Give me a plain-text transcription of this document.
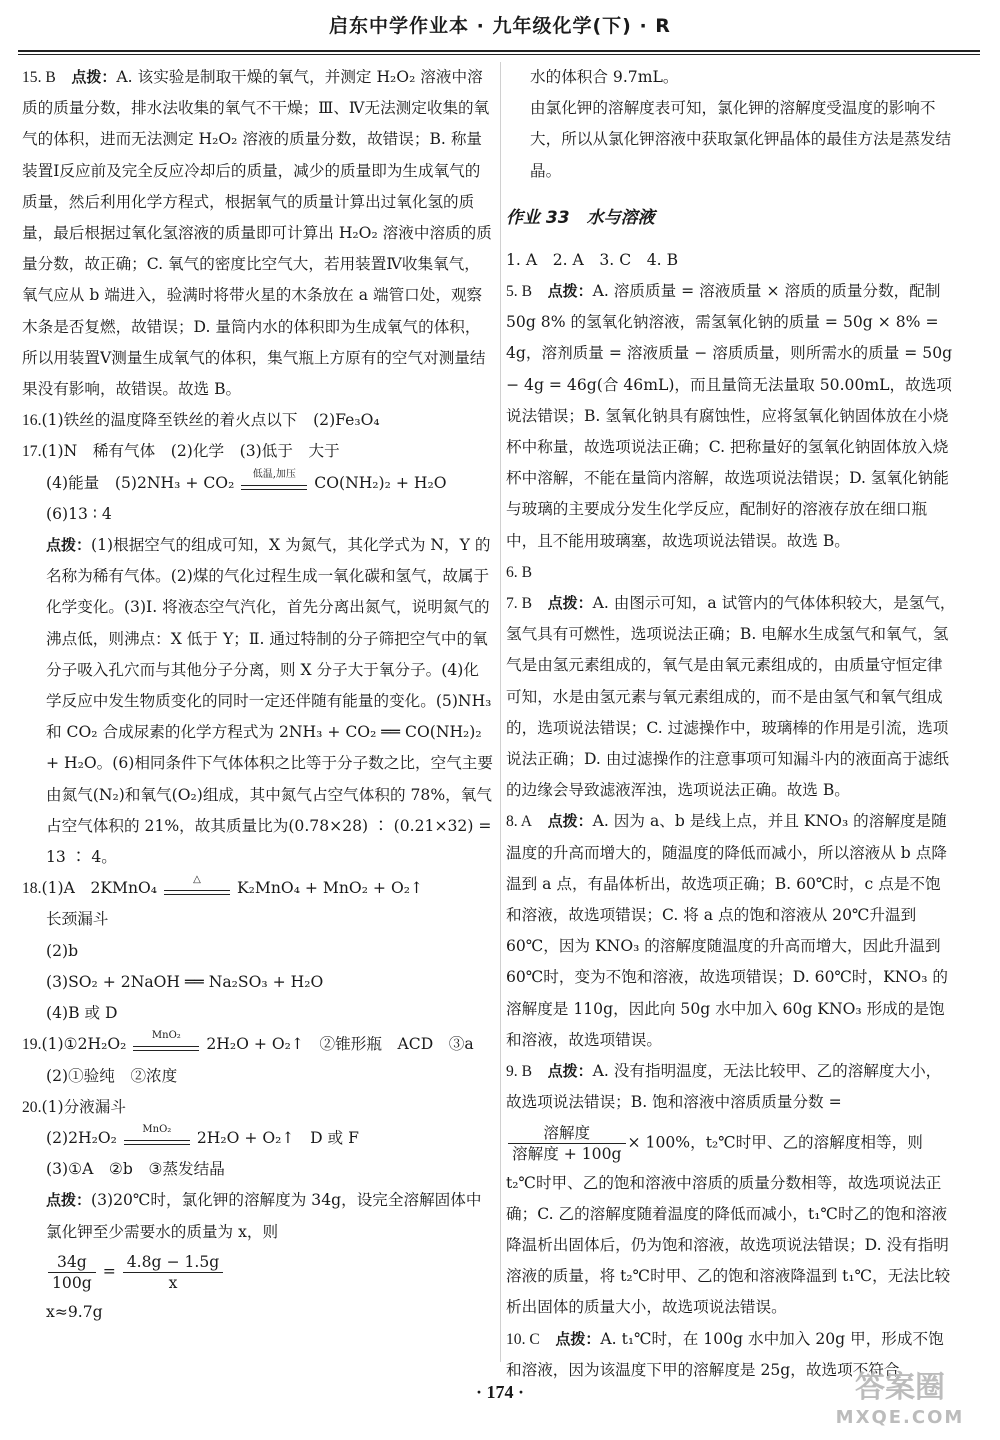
启东中学作业本 · 九年级化学(下) · R

15. B　 点拨：A. 该实验是制取干燥的氧气，并测定 H₂O₂ 溶液中溶质的质量分数，排水法收集的氧气不干燥；Ⅲ、Ⅳ无法测定收集的氧气的体积，进而无法测定 H₂O₂ 溶液的质量分数，故错误；B. 称量装置Ⅰ反应前及完全反应冷却后的质量，减少的质量即为生成氧气的质量，然后利用化学方程式，根据氧气的质量计算出过氧化氢的质量，最后根据过氧化氢溶液的质量即可计算出 H₂O₂ 溶液中溶质的质量分数，故正确；C. 氧气的密度比空气大，若用装置Ⅳ收集氧气，氧气应从 b 端进入，验满时将带火星的木条放在 a 端管口处，观察木条是否复燃，故错误；D. 量筒内水的体积即为生成氧气的体积，所以用装置Ⅴ测量生成氧气的体积，集气瓶上方原有的空气对测量结果没有影响，故错误。故选 B。

16.(1)铁丝的温度降至铁丝的着火点以下　(2)Fe₃O₄

17.(1)N　稀有气体　(2)化学　(3)低于　大于
(4)能量　(5)2NH₃ + CO₂	低温,加压	CO(NH₂)₂ + H₂O
(6)13 ∶ 4
点拨：(1)根据空气的组成可知，X 为氮气，其化学式为 N，Y 的名称为稀有气体。(2)煤的气化过程生成一氧化碳和氢气，故属于化学变化。(3)Ⅰ. 将液态空气汽化，首先分离出氮气，说明氮气的沸点低，则沸点：X 低于 Y；Ⅱ. 通过特制的分子筛把空气中的氧分子吸入孔穴而与其他分子分离，则 X 分子大于氧分子。(4)化学反应中发生物质变化的同时一定还伴随有能量的变化。(5)NH₃ 和 CO₂ 合成尿素的化学方程式为 2NH₃ + CO₂ ══ CO(NH₂)₂ + H₂O。(6)相同条件下气体体积之比等于分子数之比，空气主要由氮气(N₂)和氧气(O₂)组成，其中氮气占空气体积的 78%，氧气占空气体积的 21%，故其质量比为(0.78×28) ∶ (0.21×32) = 13 ∶ 4。
18.(1)A　2KMnO₄	△	K₂MnO₄ + MnO₂ + O₂↑
长颈漏斗
(2)b
(3)SO₂ + 2NaOH ══ Na₂SO₃ + H₂O
(4)B 或 D
19.(1)①2H₂O₂	MnO₂	2H₂O + O₂↑　②锥形瓶　ACD　③a
(2)①验纯　②浓度
20.(1)分液漏斗
(2)2H₂O₂	MnO₂	2H₂O + O₂↑　D 或 F
(3)①A　②b　③蒸发结晶
点拨：(3)20℃时，氯化钾的溶解度为 34g，设完全溶解固体中氯化钾至少需要水的质量为 x，则
$\frac{34g}{100g} = \frac{4.8g - 1.5g}{x}$
x≈9.7g

水的体积合 9.7mL。

由氯化钾的溶解度表可知，氯化钾的溶解度受温度的影响不大，所以从氯化钾溶液中获取氯化钾晶体的最佳方法是蒸发结晶。

作业 33　水与溶液

1. A　2. A　3. C　4. B

5. B　 点拨：A. 溶质质量 = 溶液质量 × 溶质的质量分数，配制 50g 8% 的氢氧化钠溶液，需氢氧化钠的质量 = 50g × 8% = 4g，溶剂质量 = 溶液质量 − 溶质质量，则所需水的质量 = 50g − 4g = 46g(合 46mL)，而且量筒无法量取 50.00mL，故选项说法错误；B. 氢氧化钠具有腐蚀性，应将氢氧化钠固体放在小烧杯中称量，故选项说法正确；C. 把称量好的氢氧化钠固体放入烧杯中溶解，不能在量筒内溶解，故选项说法错误；D. 氢氧化钠能与玻璃的主要成分发生化学反应，配制好的溶液存放在细口瓶中，且不能用玻璃塞，故选项说法错误。故选 B。

6. B

7. B　 点拨：A. 由图示可知，a 试管内的气体体积较大，是氢气，氢气具有可燃性，选项说法正确；B. 电解水生成氢气和氧气，氢气是由氢元素组成的，氧气是由氧元素组成的，由质量守恒定律可知，水是由氢元素与氧元素组成的，而不是由氢气和氧气组成的，选项说法错误；C. 过滤操作中，玻璃棒的作用是引流，选项说法正确；D. 由过滤操作的注意事项可知漏斗内的液面高于滤纸的边缘会导致滤液浑浊，选项说法正确。故选 B。

8. A　 点拨：A. 因为 a、b 是线上点，并且 KNO₃ 的溶解度是随温度的升高而增大的，随温度的降低而减小，所以溶液从 b 点降温到 a 点，有晶体析出，故选项正确；B. 60℃时，c 点是不饱和溶液，故选项错误；C. 将 a 点的饱和溶液从 20℃升温到 60℃，因为 KNO₃ 的溶解度随温度的升高而增大，因此升温到 60℃时，变为不饱和溶液，故选项错误；D. 60℃时，KNO₃ 的溶解度是 110g，因此向 50g 水中加入 60g KNO₃ 形成的是饱和溶液，故选项错误。

9. B　 点拨：A. 没有指明温度，无法比较甲、乙的溶解度大小，故选项说法错误；B. 饱和溶液中溶质质量分数 =
$\frac{\text{溶解度}}{\text{溶解度 + 100g}} \times 100\%$，t₂℃时甲、乙的溶解度相等，则 t₂℃时甲、乙的饱和溶液中溶质的质量分数相等，故选项说法正确；C. 乙的溶解度随着温度的降低而减小，t₁℃时乙的饱和溶液降温析出固体后，仍为饱和溶液，故选项说法错误；D. 没有指明溶液的质量，将 t₂℃时甲、乙的饱和溶液降温到 t₁℃，无法比较析出固体的质量大小，故选项说法错误。

10. C　 点拨：A. t₁℃时，在 100g 水中加入 20g 甲，形成不饱和溶液，因为该温度下甲的溶解度是 25g，故选项不符合

· 174 ·	答案圈
MXQE.COM
